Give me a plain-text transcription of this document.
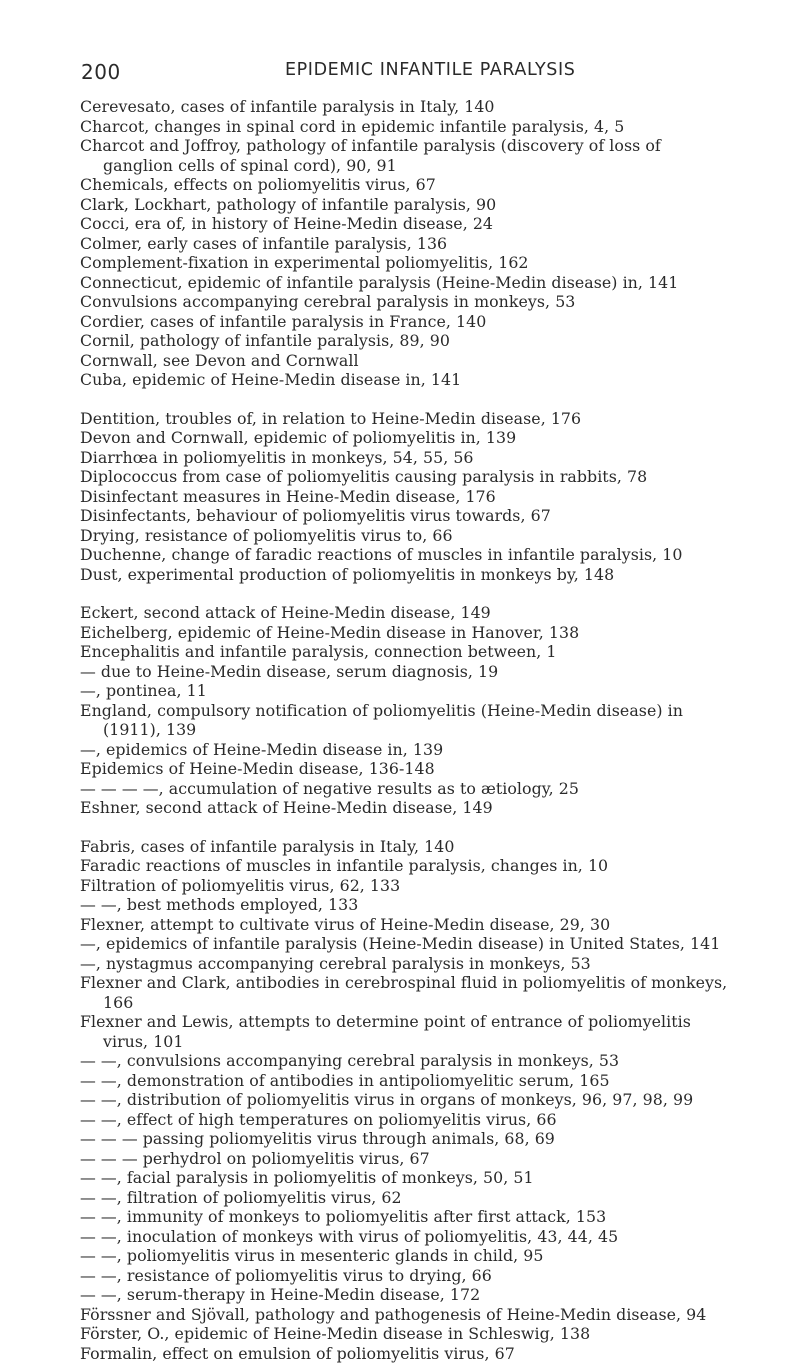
200	EPIDEMIC INFANTILE PARALYSIS
Cerevesato, cases of infantile paralysis in Italy, 140
Charcot, changes in spinal cord in epidemic infantile paralysis, 4, 5
Charcot and Joffroy, pathology of infantile paralysis (discovery of loss of ganglion cells of spinal cord), 90, 91
Chemicals, effects on poliomyelitis virus, 67
Clark, Lockhart, pathology of infantile paralysis, 90
Cocci, era of, in history of Heine-Medin disease, 24
Colmer, early cases of infantile paralysis, 136
Complement-fixation in experimental poliomyelitis, 162
Connecticut, epidemic of infantile paralysis (Heine-Medin disease) in, 141
Convulsions accompanying cerebral paralysis in monkeys, 53
Cordier, cases of infantile paralysis in France, 140
Cornil, pathology of infantile paralysis, 89, 90
Cornwall, see Devon and Cornwall
Cuba, epidemic of Heine-Medin disease in, 141
Dentition, troubles of, in relation to Heine-Medin disease, 176
Devon and Cornwall, epidemic of poliomyelitis in, 139
Diarrhœa in poliomyelitis in monkeys, 54, 55, 56
Diplococcus from case of poliomyelitis causing paralysis in rabbits, 78
Disinfectant measures in Heine-Medin disease, 176
Disinfectants, behaviour of poliomyelitis virus towards, 67
Drying, resistance of poliomyelitis virus to, 66
Duchenne, change of faradic reactions of muscles in infantile paralysis, 10
Dust, experimental production of poliomyelitis in monkeys by, 148
Eckert, second attack of Heine-Medin disease, 149
Eichelberg, epidemic of Heine-Medin disease in Hanover, 138
Encephalitis and infantile paralysis, connection between, 1
— due to Heine-Medin disease, serum diagnosis, 19
—, pontinea, 11
England, compulsory notification of poliomyelitis (Heine-Medin disease) in (1911), 139
—, epidemics of Heine-Medin disease in, 139
Epidemics of Heine-Medin disease, 136-148
— — — —, accumulation of negative results as to ætiology, 25
Eshner, second attack of Heine-Medin disease, 149
Fabris, cases of infantile paralysis in Italy, 140
Faradic reactions of muscles in infantile paralysis, changes in, 10
Filtration of poliomyelitis virus, 62, 133
— —, best methods employed, 133
Flexner, attempt to cultivate virus of Heine-Medin disease, 29, 30
—, epidemics of infantile paralysis (Heine-Medin disease) in United States, 141
—, nystagmus accompanying cerebral paralysis in monkeys, 53
Flexner and Clark, antibodies in cerebrospinal fluid in poliomyelitis of monkeys, 166
Flexner and Lewis, attempts to determine point of entrance of poliomyelitis virus, 101
— —, convulsions accompanying cerebral paralysis in monkeys, 53
— —, demonstration of antibodies in antipoliomyelitic serum, 165
— —, distribution of poliomyelitis virus in organs of monkeys, 96, 97, 98, 99
— —, effect of high temperatures on poliomyelitis virus, 66
— — — passing poliomyelitis virus through animals, 68, 69
— — — perhydrol on poliomyelitis virus, 67
— —, facial paralysis in poliomyelitis of monkeys, 50, 51
— —, filtration of poliomyelitis virus, 62
— —, immunity of monkeys to poliomyelitis after first attack, 153
— —, inoculation of monkeys with virus of poliomyelitis, 43, 44, 45
— —, poliomyelitis virus in mesenteric glands in child, 95
— —, resistance of poliomyelitis virus to drying, 66
— —, serum-therapy in Heine-Medin disease, 172
Förssner and Sjövall, pathology and pathogenesis of Heine-Medin disease, 94
Förster, O., epidemic of Heine-Medin disease in Schleswig, 138
Formalin, effect on emulsion of poliomyelitis virus, 67
